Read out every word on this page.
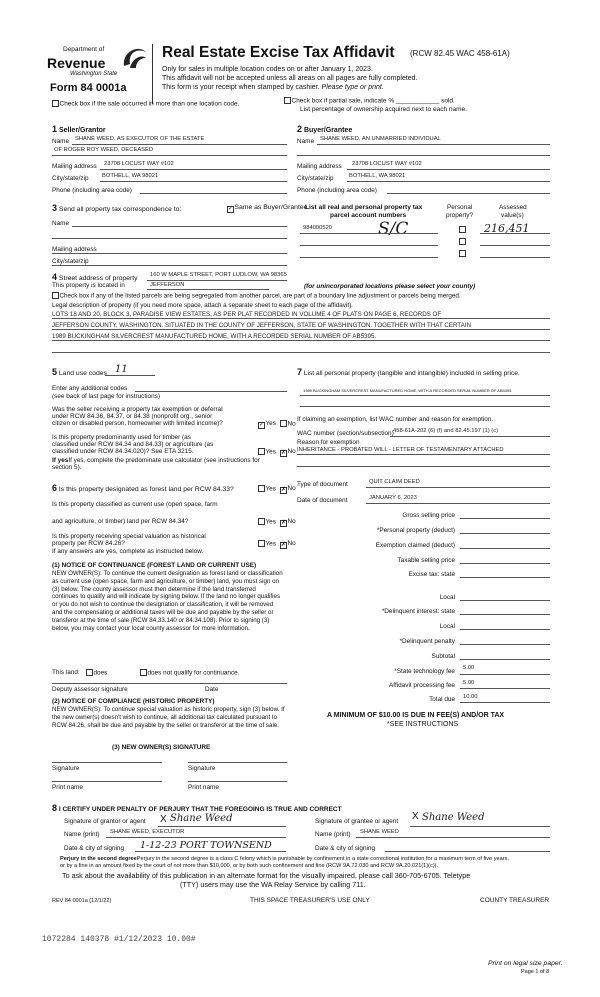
Department of
Revenue
Washington State
Form 84 0001a
Real Estate Excise Tax Affidavit (RCW 82.45 WAC 458-61A)
Only for sales in multiple location codes on or after January 1, 2023.
This affidavit will not be accepted unless all areas on all pages are fully completed.
This form is your receipt when stamped by cashier. Please type or print.
Check box if the sale occurred in more than one location code.	Check box if partial sale, indicate % ____________ sold.
List percentage of ownership acquired next to each name.
1 Seller/Grantor
Name SHANE WEED, AS EXECUTOR OF THE ESTATE
OF ROGER ROY WEED, DECEASED
Mailing address 23708 LOCUST WAY #102
City/state/zip BOTHELL, WA 98021
Phone (including area code)
2 Buyer/Grantee
Name SHANE WEED, AN UNMARRIED INDIVIDUAL
Mailing address 23708 LOCUST WAY #102
City/state/zip	BOTHELL, WA 98021
Phone (including area code)
3 Send all property tax correspondence to:	✓Same as Buyer/Grantee
Name
Mailing address
City/state/zip
List all real and personal property tax
parcel account numbers
Personal
property?
Assessed
value(s)
984000520	S/C	216,451
4 Street address of property 160 W MAPLE STREET, PORT LUDLOW, WA 98365
This property is located in	JEFFERSON	(for unincorporated locations please select your county)
Check box if any of the listed parcels are being segregated from another parcel, are part of a boundary line adjustment or parcels being merged.
Legal description of property (if you need more space, attach a separate sheet to each page of the affidavit).
LOTS 18 AND 20, BLOCK 3, PARADISE VIEW ESTATES, AS PER PLAT RECORDED IN VOLUME 4 OF PLATS ON PAGE 6, RECORDS OF
JEFFERSON COUNTY, WASHINGTON. SITUATED IN THE COUNTY OF JEFFERSON, STATE OF WASHINGTON. TOGETHER WITH THAT CERTAIN
1989 BUCKINGHAM SILVERCREST MANUFACTURED HOME, WITH A RECORDED SERIAL NUMBER OF AB5395.
5 Land use codes 11
Enter any additional codes
(see back of last page for instructions)
Was the seller receiving a property tax exemption or deferral
under RCW 84.36, 84.37, or 84.38 (nonprofit org., senior
citizen or disabled person, homeowner with limited income)?	✓Yes	No
Is this property predominantly used for timber (as
classified under RCW 84.34 and 84.33) or agriculture (as
classified under RCW 84.34.020)? See ETA 3215.	Yes ✗No
If yesIf yes, complete the predominate use calculator (see instructions for
section 5).
6 Is this property designated as forest land per RCW 84.33?	Yes ✗No
Is this property classified as current use (open space, farm
and agriculture, or timber) land per RCW 84.34?	Yes ✗No
Is this property receiving special valuation as historical
property per RCW 84.26?	Yes ✗No
If any answers are yes, complete as instructed below.
(1) NOTICE OF CONTINUANCE (FOREST LAND OR CURRENT USE)
NEW OWNER(S): To continue the current designation as forest land or classification as current use (open space, farm and agriculture, or timber) land, you must sign on (3) below. The county assessor must then determine if the land transferred continues to qualify and will indicate by signing below. If the land no longer qualifies or you do not wish to continue the designation or classification, it will be removed and the compensating or additional taxes will be due and payable by the seller or transferor at the time of sale (RCW 84.33.140 or 84.34.108). Prior to signing (3) below, you may contact your local county assessor for more information.
This land:	does	does not qualify for continuance.
Deputy assessor signature	Date
(2) NOTICE OF COMPLIANCE (HISTORIC PROPERTY)
NEW OWNER(S): To continue special valuation as historic property, sign (3) below. If the new owner(s) doesn't wish to continue, all additional tax calculated pursuant to RCW 84.26, shall be due and payable by the seller or transferor at the time of sale.
(3) NEW OWNER(S) SIGNATURE
Signature	Signature
Print name	Print name
7 List all personal property (tangible and intangible) included in selling price.
1989 BUCKINGHAM SILVERCREST MANUFACTURED HOME, WITH A RECORDED SERIAL NUMBER OF AB5395
If claiming an exemption, list WAC number and reason for exemption.
WAC number (section/subsection) 458-61A-202 (6) (f) and 82.45.197 (1) (c)
Reason for exemption
INHERITANCE - PROBATED WILL - LETTER OF TESTAMENTARY ATTACHED
Type of document	QUIT CLAIM DEED
Date of document	JANUARY 6, 2023
Gross selling price
*Personal property (deduct)
Exemption claimed (deduct)
Taxable selling price
Excise tax: state
Local
*Delinquent interest: state
Local
*Delinquent penalty
Subtotal
*State technology fee 5.00
Affidavit processing fee 5.00
Total due 10.00
A MINIMUM OF $10.00 IS DUE IN FEE(S) AND/OR TAX
*SEE INSTRUCTIONS
8 I CERTIFY UNDER PENALTY OF PERJURY THAT THE FOREGOING IS TRUE AND CORRECT
Signature of grantor or agent X Shane Weed
Name (print) SHANE WEED, EXECUTOR
Date & city of signing 1-12-23 PORT TOWNSEND
Signature of grantee or agent X Shane Weed
Name (print) SHANE WEED
Date & city of signing
Perjury in the second degreePerjury in the second degree is a class C felony which is punishable by confinement in a state correctional institution for a maximum term of five years,
or by a fine in an amount fixed by the court of not more than $10,000, or by both such confinement and fine (RCW 9A.72.030 and RCW 9A.20.021(1)(c)).
To ask about the availability of this publication in an alternate format for the visually impaired, please call 360-705-6705. Teletype
(TTY) users may use the WA Relay Service by calling 711.
REV 84 0001a (12/1/22)	THIS SPACE TREASURER'S USE ONLY	COUNTY TREASURER
1072284 140378 #1/12/2023 10.00#
Print on legal size paper.
Page 1 of 8
